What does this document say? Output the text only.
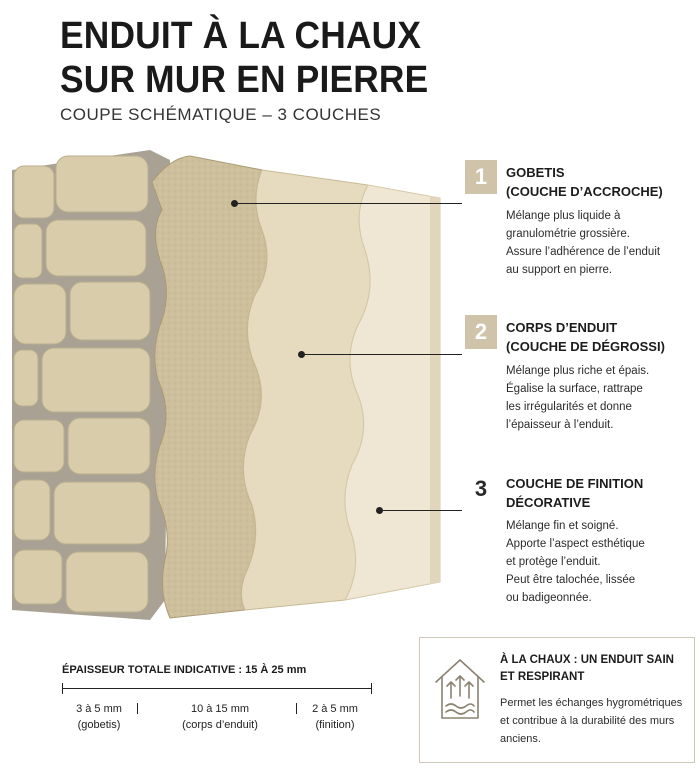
ENDUIT À LA CHAUX
SUR MUR EN PIERRE
COUPE SCHÉMATIQUE – 3 COUCHES
1	GOBETIS
(COUCHE D’ACCROCHE)
Mélange plus liquide à
granulométrie grossière.
Assure l’adhérence de l’enduit
au support en pierre.
2	CORPS D’ENDUIT
(COUCHE DE DÉGROSSI)
Mélange plus riche et épais.
Égalise la surface, rattrape
les irrégularités et donne
l’épaisseur à l’enduit.
3	COUCHE DE FINITION
DÉCORATIVE
Mélange fin et soigné.
Apporte l’aspect esthétique
et protège l’enduit.
Peut être talochée, lissée
ou badigeonnée.
ÉPAISSEUR TOTALE INDICATIVE : 15 À 25 mm
3 à 5 mm
(gobetis)
10 à 15 mm
(corps d’enduit)
2 à 5 mm
(finition)
À LA CHAUX : UN ENDUIT SAIN ET RESPIRANT
Permet les échanges hygrométriques et contribue à la durabilité des murs anciens.
